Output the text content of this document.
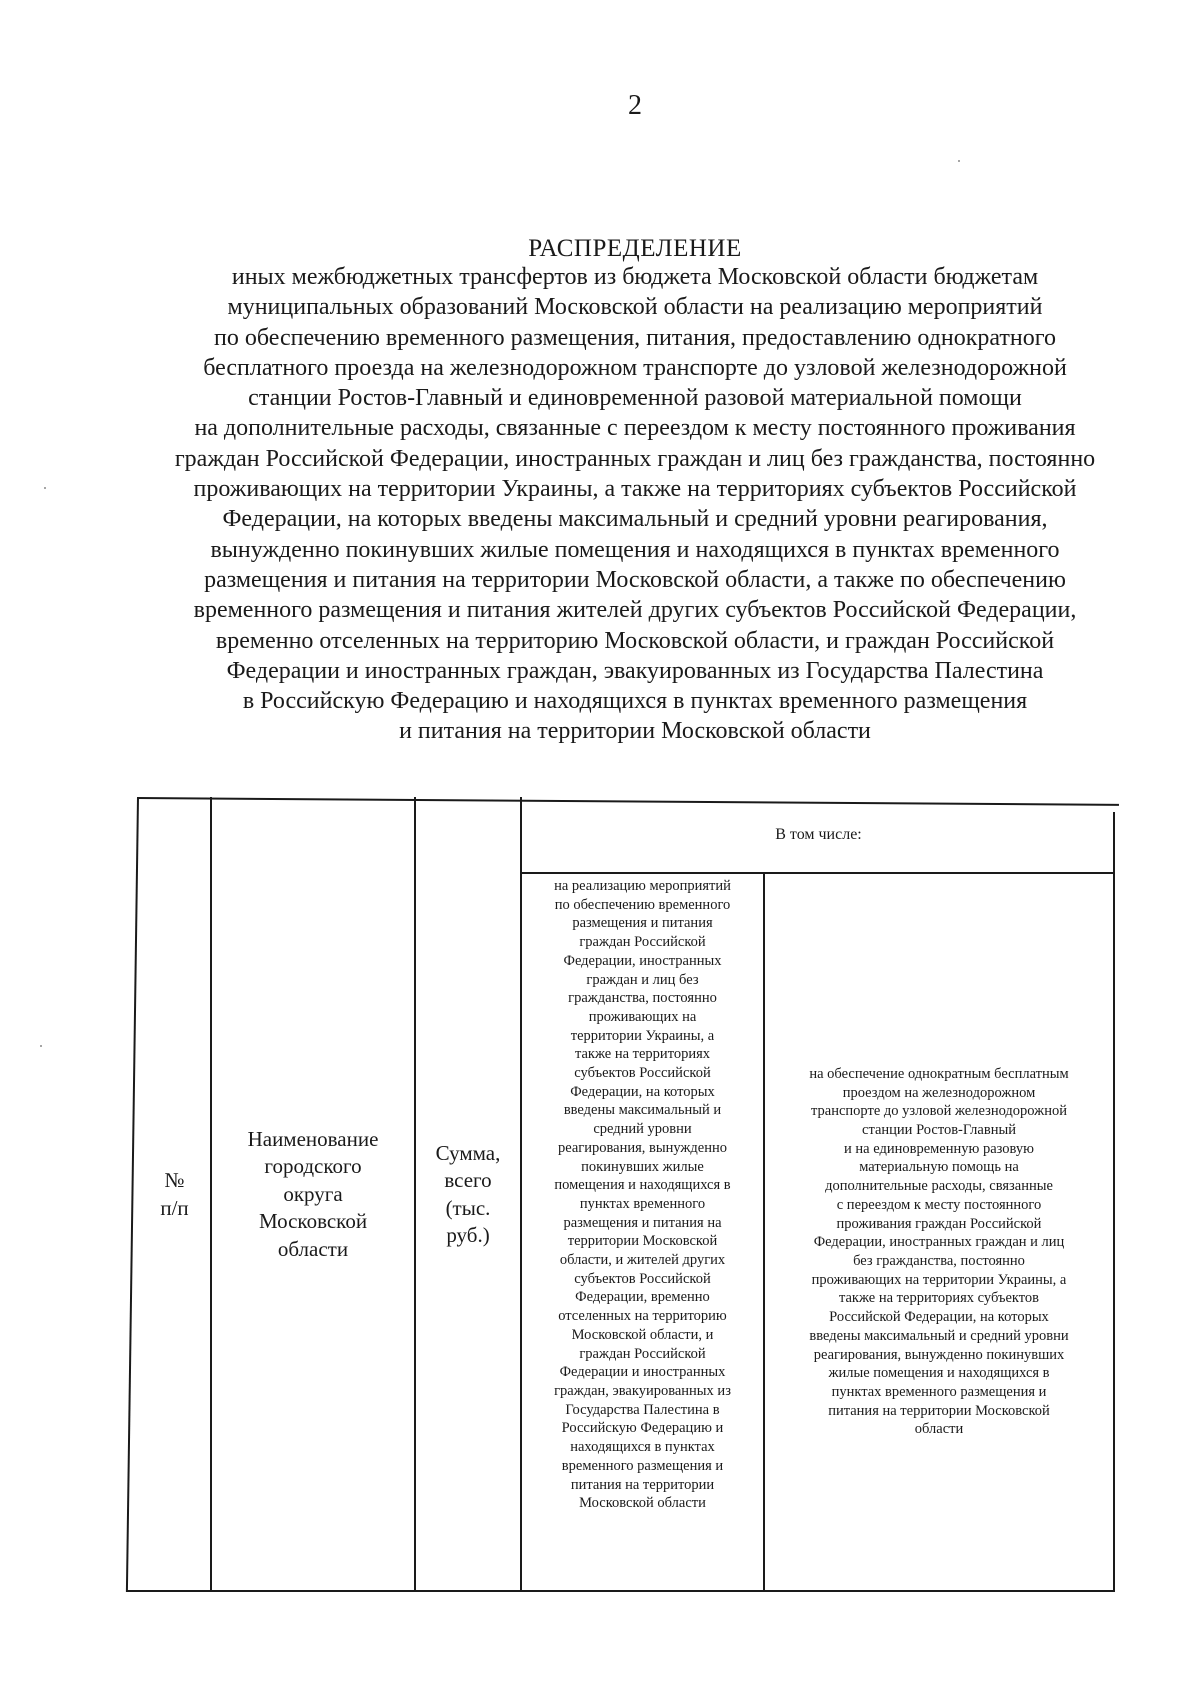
2
РАСПРЕДЕЛЕНИЕ
иных межбюджетных трансфертов из бюджета Московской области бюджетам
муниципальных образований Московской области на реализацию мероприятий
по обеспечению временного размещения, питания, предоставлению однократного
бесплатного проезда на железнодорожном транспорте до узловой железнодорожной
станции Ростов-Главный и единовременной разовой материальной помощи
на дополнительные расходы, связанные с переездом к месту постоянного проживания
граждан Российской Федерации, иностранных граждан и лиц без гражданства, постоянно
проживающих на территории Украины, а также на территориях субъектов Российской
Федерации, на которых введены максимальный и средний уровни реагирования,
вынужденно покинувших жилые помещения и находящихся в пунктах временного
размещения и питания на территории Московской области, а также по обеспечению
временного размещения и питания жителей других субъектов Российской Федерации,
временно отселенных на территорию Московской области, и граждан Российской
Федерации и иностранных граждан, эвакуированных из Государства Палестина
в Российскую Федерацию и находящихся в пунктах временного размещения
и питания на территории Московской области
№
п/п
Наименование
городского
округа
Московской
области
Сумма,
всего
(тыс.
руб.)
В том числе:
на реализацию мероприятий
по обеспечению временного
размещения и питания
граждан Российской
Федерации, иностранных
граждан и лиц без
гражданства, постоянно
проживающих на
территории Украины, а
также на территориях
субъектов Российской
Федерации, на которых
введены максимальный и
средний уровни
реагирования, вынужденно
покинувших жилые
помещения и находящихся в
пунктах временного
размещения и питания на
территории Московской
области, и жителей других
субъектов Российской
Федерации, временно
отселенных на территорию
Московской области, и
граждан Российской
Федерации и иностранных
граждан, эвакуированных из
Государства Палестина в
Российскую Федерацию и
находящихся в пунктах
временного размещения и
питания на территории
Московской области
на обеспечение однократным бесплатным
проездом на железнодорожном
транспорте до узловой железнодорожной
станции Ростов-Главный
и на единовременную разовую
материальную помощь на
дополнительные расходы, связанные
с переездом к месту постоянного
проживания граждан Российской
Федерации, иностранных граждан и лиц
без гражданства, постоянно
проживающих на территории Украины, а
также на территориях субъектов
Российской Федерации, на которых
введены максимальный и средний уровни
реагирования, вынужденно покинувших
жилые помещения и находящихся в
пунктах временного размещения и
питания на территории Московской
области
